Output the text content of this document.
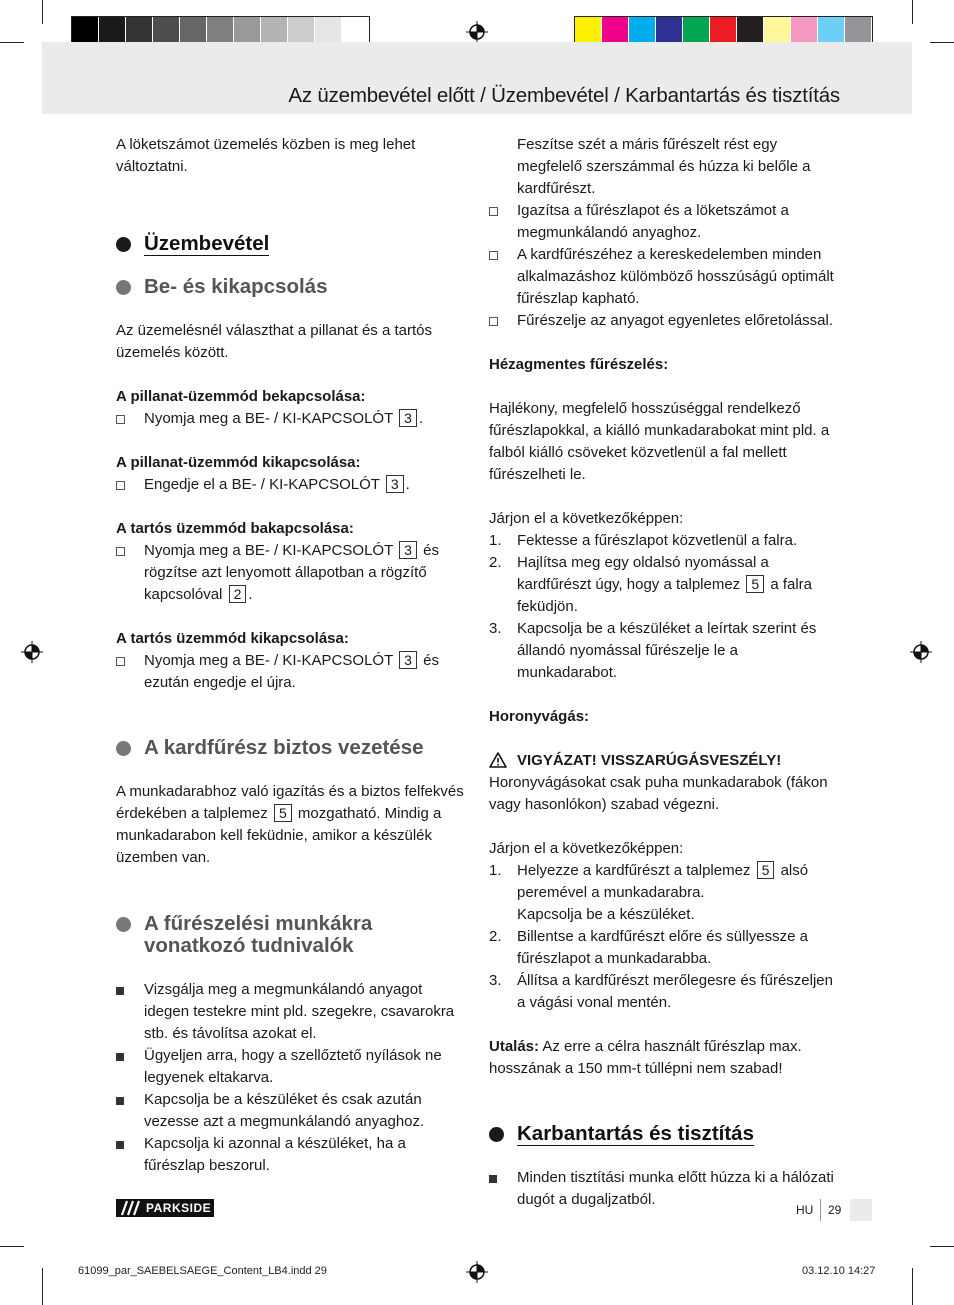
Az üzembevétel előtt / Üzembevétel / Karbantartás és tisztítás

A löketszámot üzemelés közben is meg lehet változtatni.

Üzembevétel
Be- és kikapcsolás

Az üzemelésnél választhat a pillanat és a tartós üzemelés között.

A pillanat-üzemmód bekapcsolása:

Nyomja meg a BE- / KI-KAPCSOLÓT 3 .

A pillanat-üzemmód kikapcsolása:

Engedje el a BE- / KI-KAPCSOLÓT 3 .

A tartós üzemmód bakapcsolása:

Nyomja meg a BE- / KI-KAPCSOLÓT 3 és rögzítse azt lenyomott állapotban a rögzítő kapcsolóval 2 .

A tartós üzemmód kikapcsolása:

Nyomja meg a BE- / KI-KAPCSOLÓT 3 és ezután engedje el újra.
A kardfűrész biztos vezetése

A munkadarabhoz való igazítás és a biztos felfekvés érdekében a talplemez 5 mozgatható. Mindig a munkadarabon kell feküdnie, amikor a készülék üzemben van.

A fűrészelési munkákra vonatkozó tudnivalók
Vizsgálja meg a megmunkálandó anyagot idegen testekre mint pld. szegekre, csavarokra stb. és távolítsa azokat el.
Ügyeljen arra, hogy a szellőztető nyílások ne legyenek eltakarva.
Kapcsolja be a készüléket és csak azután vezesse azt a megmunkálandó anyaghoz.
Kapcsolja ki azonnal a készüléket, ha a fűrészlap beszorul.

Feszítse szét a máris fűrészelt rést egy megfelelő szerszámmal és húzza ki belőle a kardfűrészt.

Igazítsa a fűrészlapot és a löketszámot a megmunkálandó anyaghoz.
A kardfűrészéhez a kereskedelemben minden alkalmazáshoz külömböző hosszúságú optimált fűrészlap kapható.
Fűrészelje az anyagot egyenletes előretolással.

Hézagmentes fűrészelés:

Hajlékony, megfelelő hosszúséggal rendelkező fűrészlapokkal, a kiálló munkadarabokat mint pld. a falból kiálló csöveket közvetlenül a fal mellett fűrészelheti le.

Járjon el a következőképpen:

1.	Fektesse a fűrészlapot közvetlenül a falra.
2.	Hajlítsa meg egy oldalsó nyomással a kardfűrészt úgy, hogy a talplemez 5 a falra feküdjön.
3.	Kapcsolja be a készüléket a leírtak szerint és állandó nyomással fűrészelje le a munkadarabot.

Horonyvágás:

VIGYÁZAT! VISSZARÚGÁSVESZÉLY!

Horonyvágásokat csak puha munkadarabok (fákon vagy hasonlókon) szabad végezni.

Járjon el a következőképpen:

1.	Helyezze a kardfűrészt a talplemez 5 alsó peremével a munkadarabra.
Kapcsolja be a készüléket.
2.	Billentse a kardfűrészt előre és süllyessze a fűrészlapot a munkadarabba.
3.	Állítsa a kardfűrészt merőlegesre és fűrészeljen a vágási vonal mentén.

Utalás: Az erre a célra használt fűrészlap max. hosszának a 150 mm-t túllépni nem szabad!

Karbantartás és tisztítás
Minden tisztítási munka előtt húzza ki a hálózati dugót a dugaljzatból.
PARKSIDE	HU 29
61099_par_SAEBELSAEGE_Content_LB4.indd 29	03.12.10 14:27
